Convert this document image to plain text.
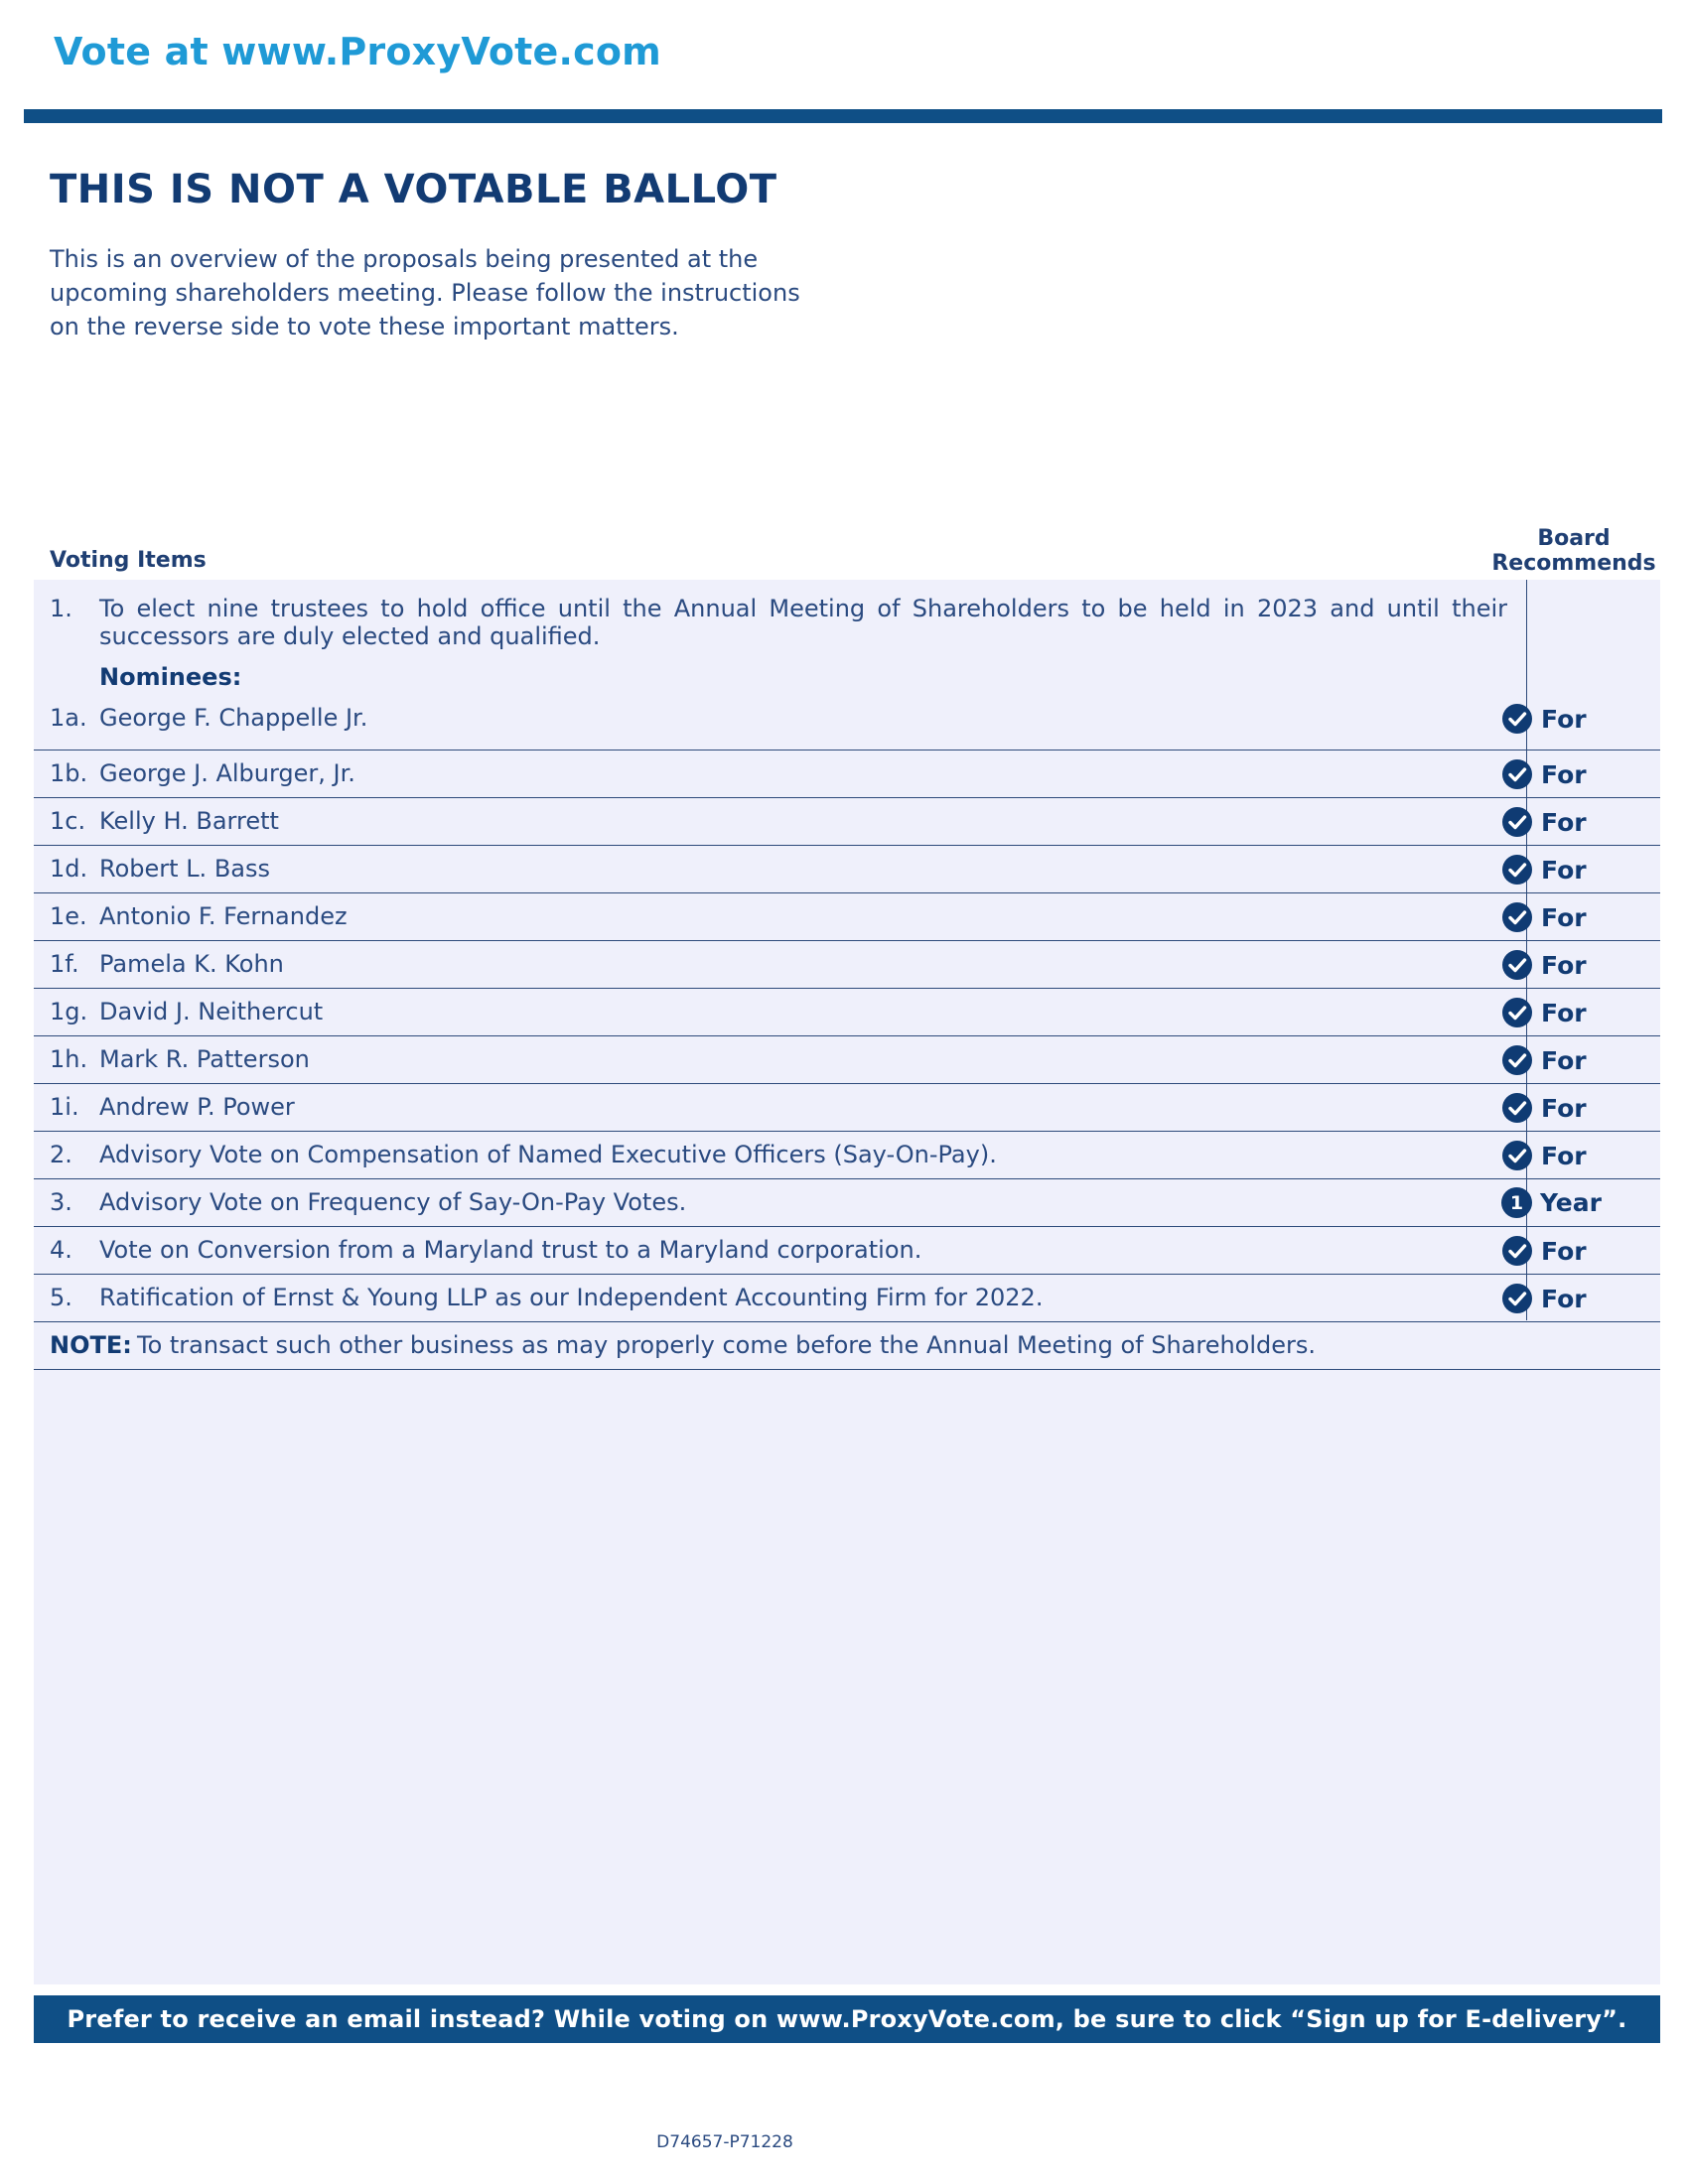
Vote at www.ProxyVote.com
THIS IS NOT A VOTABLE BALLOT

This is an overview of the proposals being presented at the
upcoming shareholders meeting. Please follow the instructions
on the reverse side to vote these important matters.

Voting Items
Board
Recommends
1. To elect nine trustees to hold office until the Annual Meeting of Shareholders to be held in 2023 and until their
successors are duly elected and qualified.

Nominees:
1a. George F. Chappelle Jr.	For
1b. George J. Alburger, Jr.	For
1c. Kelly H. Barrett	For
1d. Robert L. Bass	For
1e. Antonio F. Fernandez	For
1f. Pamela K. Kohn	For
1g. David J. Neithercut	For
1h. Mark R. Patterson	For
1i. Andrew P. Power	For
2. Advisory Vote on Compensation of Named Executive Officers (Say-On-Pay).	For
3. Advisory Vote on Frequency of Say-On-Pay Votes.	1 Year
4. Vote on Conversion from a Maryland trust to a Maryland corporation.	For
5. Ratification of Ernst & Young LLP as our Independent Accounting Firm for 2022.	For
NOTE: To transact such other business as may properly come before the Annual Meeting of Shareholders.
Prefer to receive an email instead? While voting on www.ProxyVote.com, be sure to click “Sign up for E-delivery”.
D74657-P71228
